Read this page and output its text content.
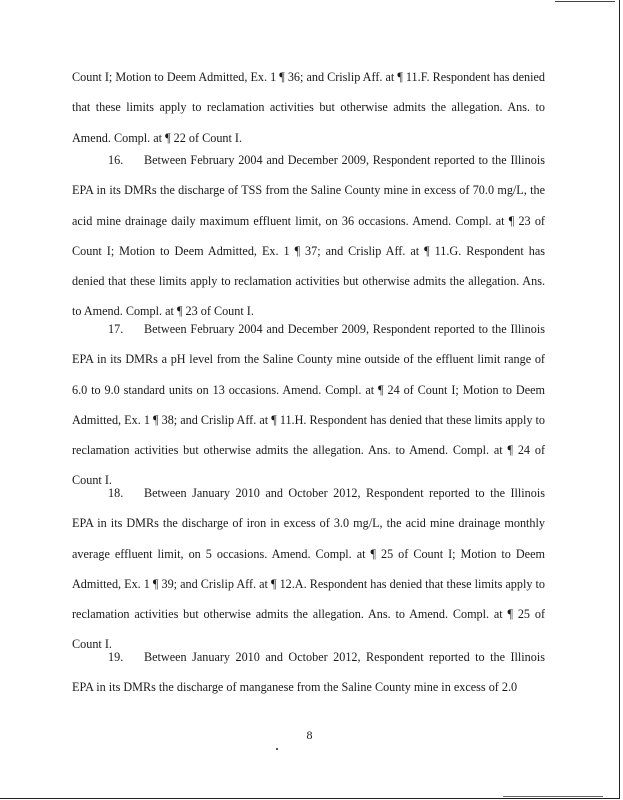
Count I; Motion to Deem Admitted, Ex. 1 ¶ 36; and Crislip Aff. at ¶ 11.F. Respondent has denied that these limits apply to reclamation activities but otherwise admits the allegation. Ans. to Amend. Compl. at ¶ 22 of Count I.

16. Between February 2004 and December 2009, Respondent reported to the Illinois EPA in its DMRs the discharge of TSS from the Saline County mine in excess of 70.0 mg/L, the acid mine drainage daily maximum effluent limit, on 36 occasions. Amend. Compl. at ¶ 23 of Count I; Motion to Deem Admitted, Ex. 1 ¶ 37; and Crislip Aff. at ¶ 11.G. Respondent has denied that these limits apply to reclamation activities but otherwise admits the allegation. Ans. to Amend. Compl. at ¶ 23 of Count I.

17. Between February 2004 and December 2009, Respondent reported to the Illinois EPA in its DMRs a pH level from the Saline County mine outside of the effluent limit range of 6.0 to 9.0 standard units on 13 occasions. Amend. Compl. at ¶ 24 of Count I; Motion to Deem Admitted, Ex. 1 ¶ 38; and Crislip Aff. at ¶ 11.H. Respondent has denied that these limits apply to reclamation activities but otherwise admits the allegation. Ans. to Amend. Compl. at ¶ 24 of Count I.

18. Between January 2010 and October 2012, Respondent reported to the Illinois EPA in its DMRs the discharge of iron in excess of 3.0 mg/L, the acid mine drainage monthly average effluent limit, on 5 occasions. Amend. Compl. at ¶ 25 of Count I; Motion to Deem Admitted, Ex. 1 ¶ 39; and Crislip Aff. at ¶ 12.A. Respondent has denied that these limits apply to reclamation activities but otherwise admits the allegation. Ans. to Amend. Compl. at ¶ 25 of Count I.

19. Between January 2010 and October 2012, Respondent reported to the Illinois EPA in its DMRs the discharge of manganese from the Saline County mine in excess of 2.0

8
